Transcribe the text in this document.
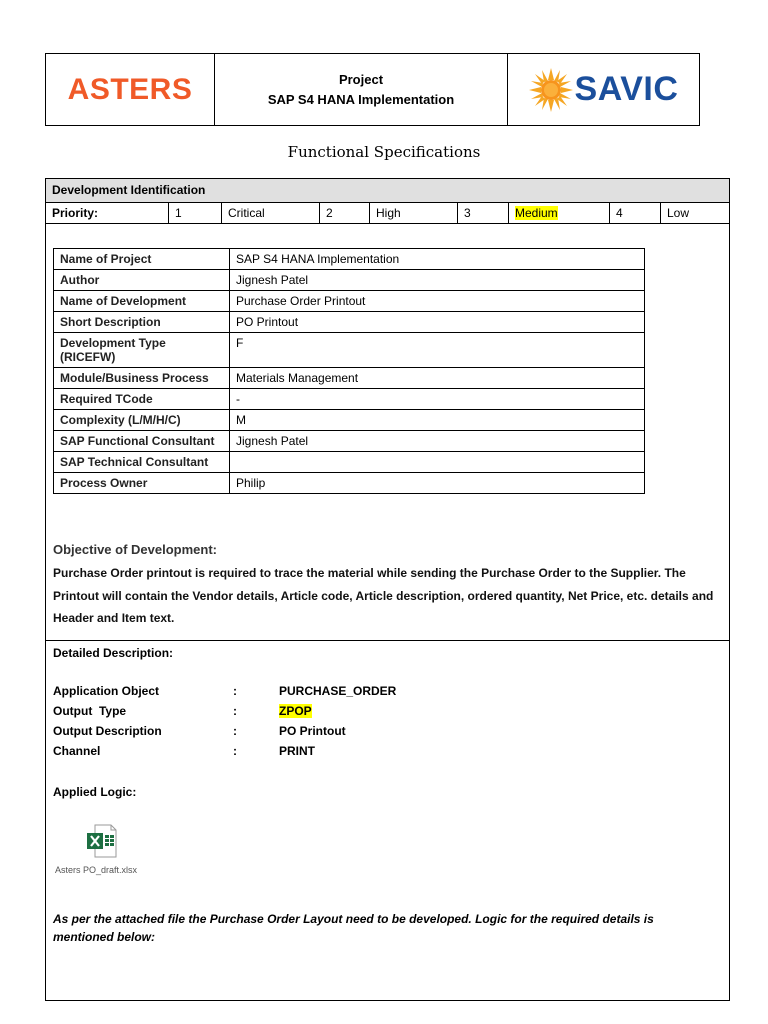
ASTERS	Project
SAP S4 HANA Implementation	SAVIC
Functional Specifications
Development Identification
Priority:	1	Critical	2	High	3	Medium	4	Low
Name of Project	SAP S4 HANA Implementation
Author	Jignesh Patel
Name of Development	Purchase Order Printout
Short Description	PO Printout
Development Type (RICEFW)	F
Module/Business Process	Materials Management
Required TCode	-
Complexity (L/M/H/C)	M
SAP Functional Consultant	Jignesh Patel
SAP Technical Consultant	
Process Owner	Philip
Objective of Development:
Purchase Order printout is required to trace the material while sending the Purchase Order to the Supplier. The Printout will contain the Vendor details, Article code, Article description, ordered quantity, Net Price, etc. details and Header and Item text.
Detailed Description:
Application Object	:	PURCHASE_ORDER
Output  Type	:	ZPOP
Output Description	:	PO Printout
Channel	:	PRINT
Applied Logic:
Asters PO_draft.xlsx
As per the attached file the Purchase Order Layout need to be developed. Logic for the required details is mentioned below:
